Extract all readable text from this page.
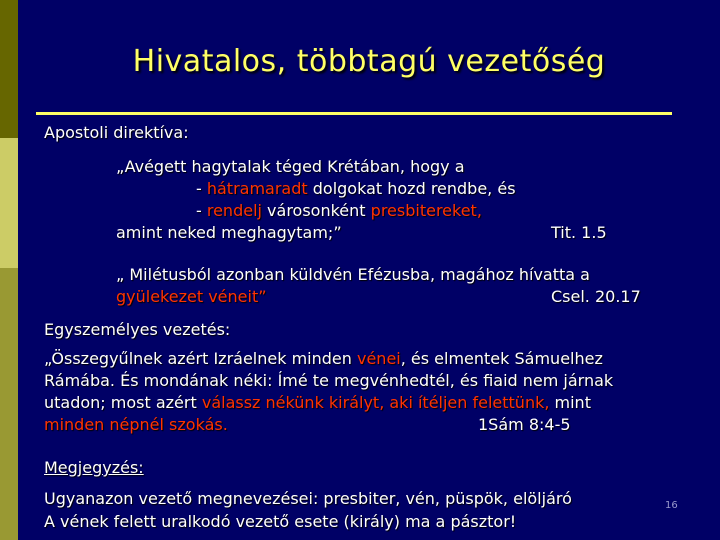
Hivatalos, többtagú vezetőség
Apostoli direktíva:
„Avégett hagytalak téged Krétában, hogy a
- hátramaradt dolgokat hozd rendbe, és
- rendelj városonként presbitereket,
amint neked meghagytam;”	Tit. 1.5
„ Milétusból azonban küldvén Efézusba, magához hívatta a
gyülekezet véneit”	Csel. 20.17
Egyszemélyes vezetés:
„Összegyűlnek azért Izráelnek minden vénei, és elmentek Sámuelhez
Rámába. És mondának néki: Ímé te megvénhedtél, és fiaid nem járnak
utadon; most azért válassz nékünk királyt, aki ítéljen felettünk, mint
minden népnél szokás.	1Sám 8:4-5
Megjegyzés:
Ugyanazon vezető megnevezései: presbiter, vén, püspök, elöljáró
A vének felett uralkodó vezető esete (király) ma a pásztor!
16
